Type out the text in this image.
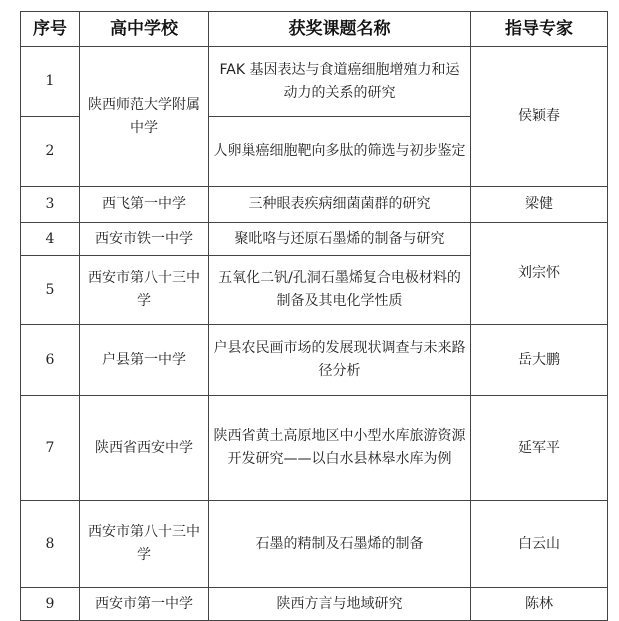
序号	高中学校	获奖课题名称	指导专家
1	陕西师范大学附属中学	FAK 基因表达与食道癌细胞增殖力和运动力的关系的研究	侯颖春
2		人卵巢癌细胞靶向多肽的筛选与初步鉴定	
3	西飞第一中学	三种眼表疾病细菌菌群的研究	梁健
4	西安市铁一中学	聚吡咯与还原石墨烯的制备与研究	刘宗怀
5	西安市第八十三中学	五氧化二钒/孔洞石墨烯复合电极材料的制备及其电化学性质	
6	户县第一中学	户县农民画市场的发展现状调查与未来路径分析	岳大鹏
7	陕西省西安中学	陕西省黄土高原地区中小型水库旅游资源开发研究——以白水县林皋水库为例	延军平
8	西安市第八十三中学	石墨的精制及石墨烯的制备	白云山
9	西安市第一中学	陕西方言与地域研究	陈林
